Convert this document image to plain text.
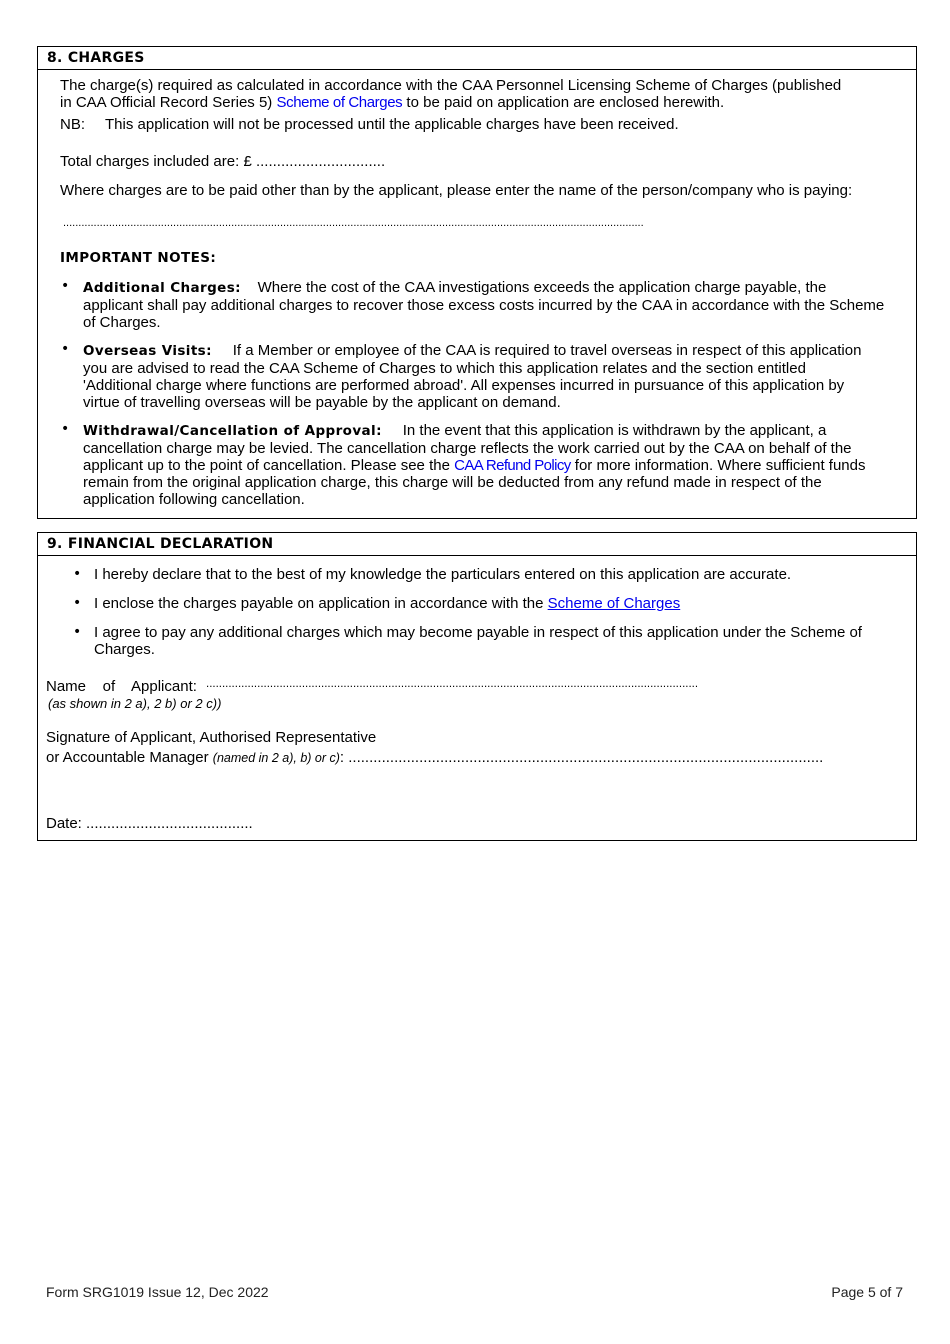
8. CHARGES
The charge(s) required as calculated in accordance with the CAA Personnel Licensing Scheme of Charges (published
in CAA Official Record Series 5) Scheme of Charges to be paid on application are enclosed herewith.
NB: This application will not be processed until the applicable charges have been received.
Total charges included are: £ ...............................
Where charges are to be paid other than by the applicant, please enter the name of the person/company who is paying:
..............................................................................................................................................................................................
IMPORTANT NOTES:
• Additional Charges: Where the cost of the CAA investigations exceeds the application charge payable, the applicant shall pay additional charges to recover those excess costs incurred by the CAA in accordance with the Scheme of Charges.
• Overseas Visits: If a Member or employee of the CAA is required to travel overseas in respect of this application you are advised to read the CAA Scheme of Charges to which this application relates and the section entitled 'Additional charge where functions are performed abroad'. All expenses incurred in pursuance of this application by virtue of travelling overseas will be payable by the applicant on demand.
• Withdrawal/Cancellation of Approval: In the event that this application is withdrawn by the applicant, a cancellation charge may be levied. The cancellation charge reflects the work carried out by the CAA on behalf of the applicant up to the point of cancellation. Please see the CAA Refund Policy for more information. Where sufficient funds remain from the original application charge, this charge will be deducted from any refund made in respect of the application following cancellation.
9. FINANCIAL DECLARATION
• I hereby declare that to the best of my knowledge the particulars entered on this application are accurate.
• I enclose the charges payable on application in accordance with the Scheme of Charges
• I agree to pay any additional charges which may become payable in respect of this application under the Scheme of Charges.
Name    of    Applicant: ..........................................................................................................................................................
(as shown in 2 a), 2 b) or 2 c))
Signature of Applicant, Authorised Representative
or Accountable Manager (named in 2 a), b) or c): ..................................................................................................................
Date: ........................................
Form SRG1019 Issue 12, Dec 2022	Page 5 of 7
